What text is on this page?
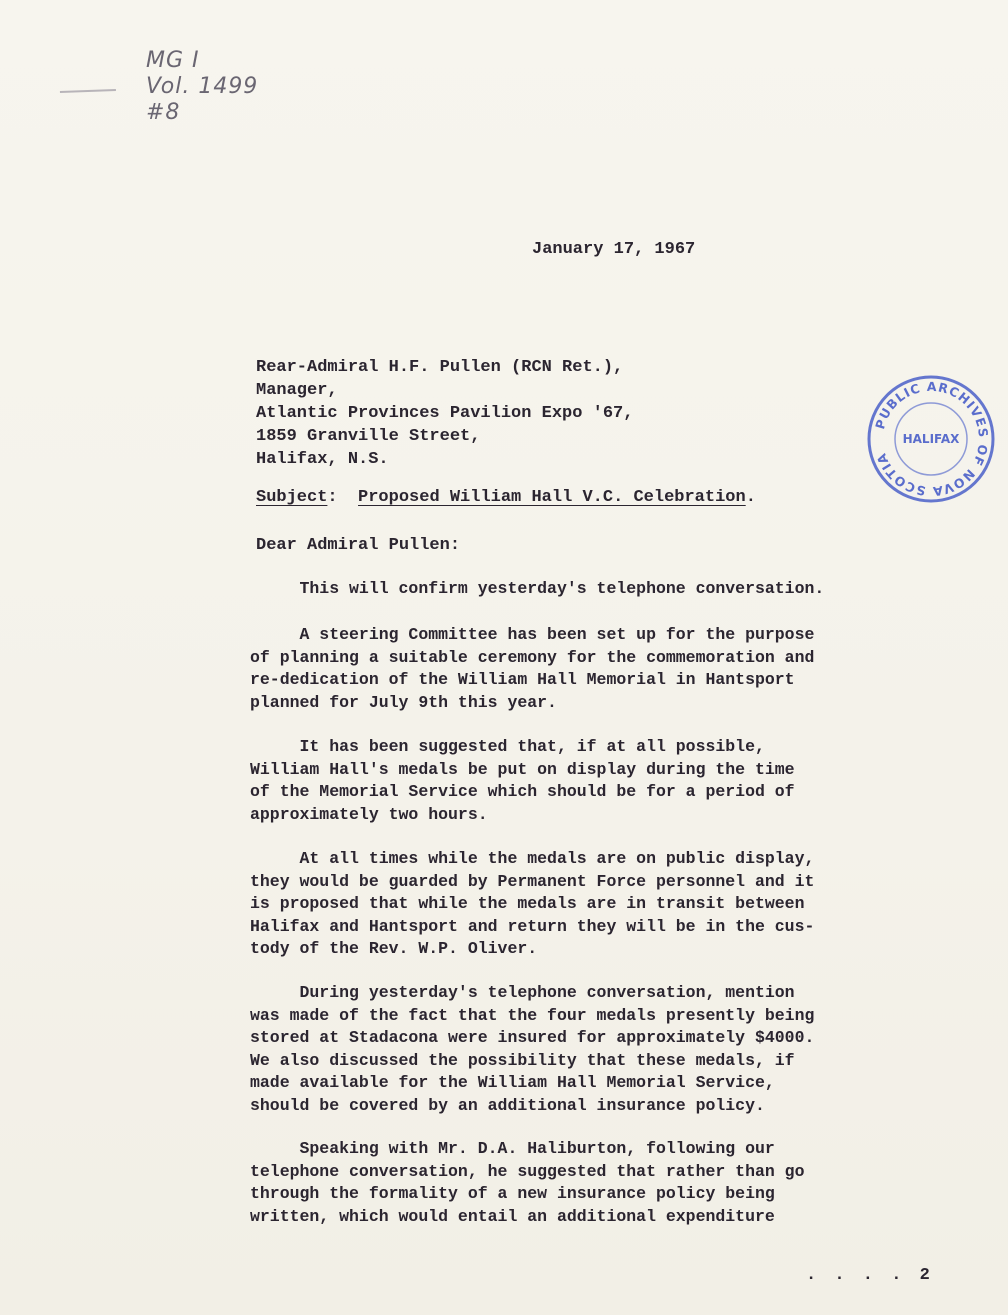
MG I
Vol. 1499
#8
PUBLIC ARCHIVES OF NOVA SCOTIA
HALIFAX
January 17, 1967
Rear-Admiral H.F. Pullen (RCN Ret.),
Manager,
Atlantic Provinces Pavilion Expo '67,
1859 Granville Street,
Halifax, N.S.
Subject: Proposed William Hall V.C. Celebration.
Dear Admiral Pullen:
This will confirm yesterday's telephone conversation.
A steering Committee has been set up for the purpose
of planning a suitable ceremony for the commemoration and
re-dedication of the William Hall Memorial in Hantsport
planned for July 9th this year.
It has been suggested that, if at all possible,
William Hall's medals be put on display during the time
of the Memorial Service which should be for a period of
approximately two hours.
At all times while the medals are on public display,
they would be guarded by Permanent Force personnel and it
is proposed that while the medals are in transit between
Halifax and Hantsport and return they will be in the cus-
tody of the Rev. W.P. Oliver.
During yesterday's telephone conversation, mention
was made of the fact that the four medals presently being
stored at Stadacona were insured for approximately $4000.
We also discussed the possibility that these medals, if
made available for the William Hall Memorial Service,
should be covered by an additional insurance policy.
Speaking with Mr. D.A. Haliburton, following our
telephone conversation, he suggested that rather than go
through the formality of a new insurance policy being
written, which would entail an additional expenditure
. . . . 2
